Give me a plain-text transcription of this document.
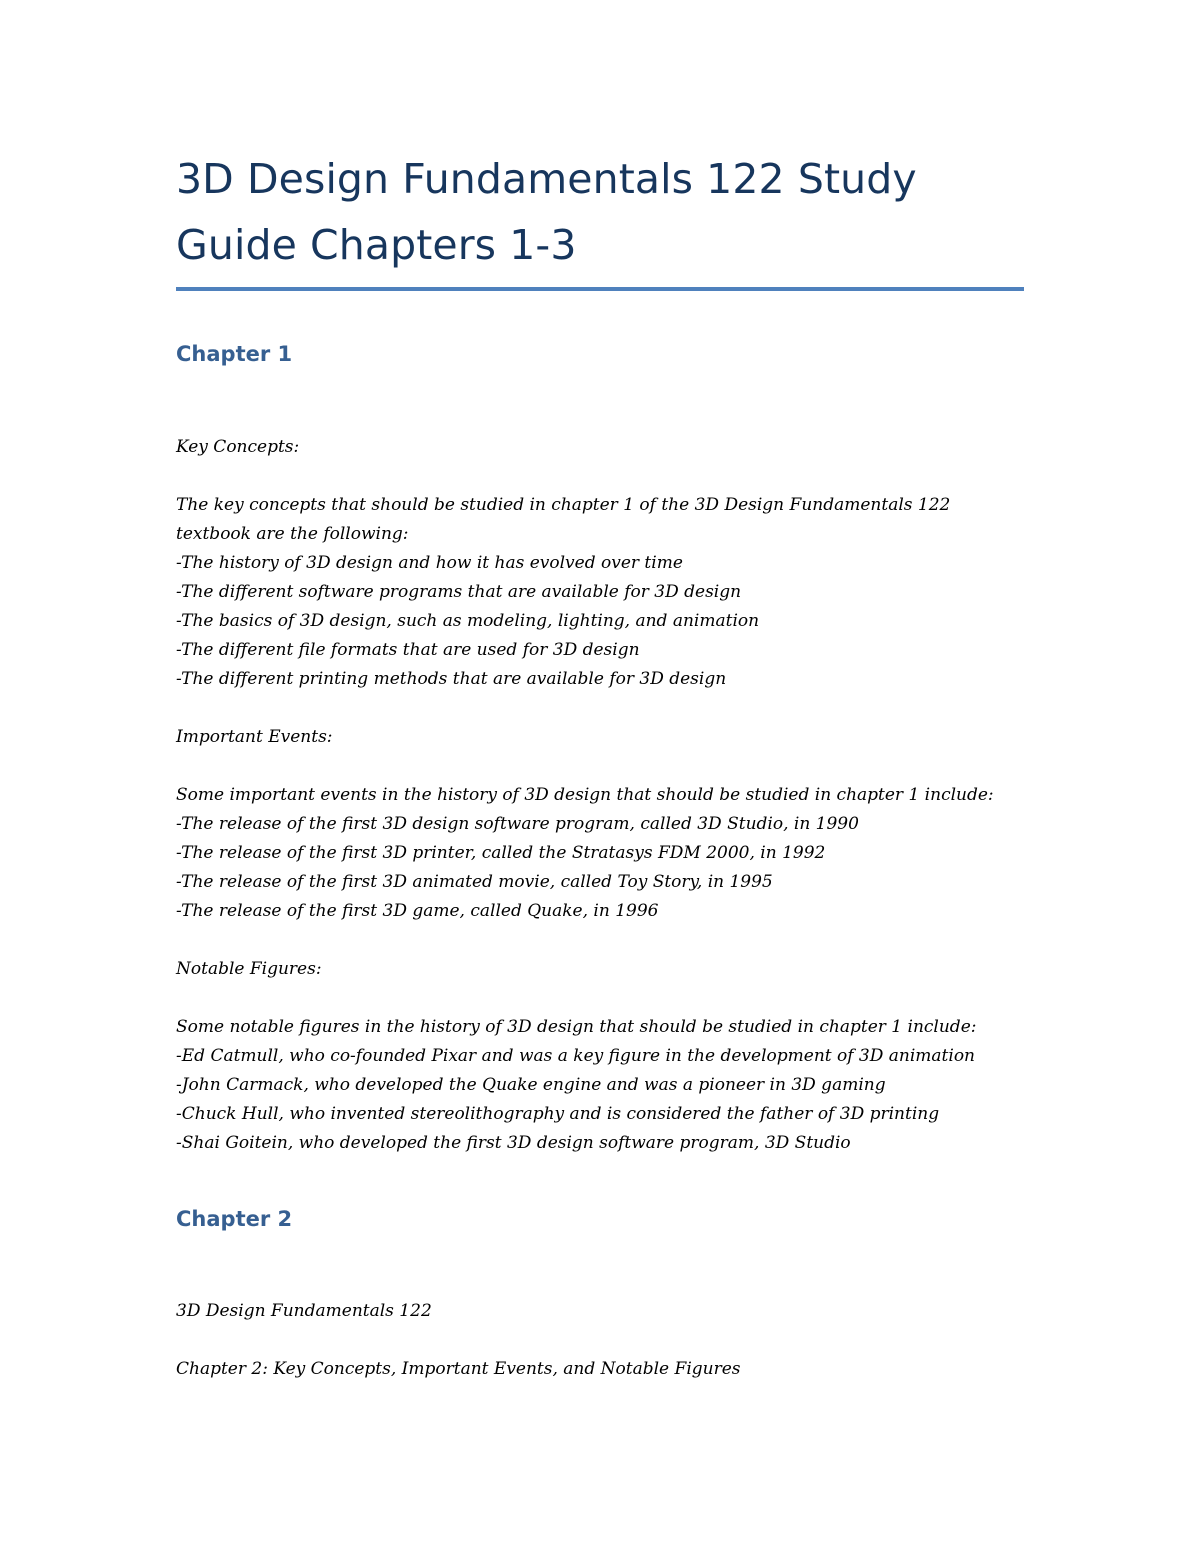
3D Design Fundamentals 122 Study
Guide Chapters 1-3
Chapter 1

Key Concepts:

The key concepts that should be studied in chapter 1 of the 3D Design Fundamentals 122

textbook are the following:

-The history of 3D design and how it has evolved over time

-The different software programs that are available for 3D design

-The basics of 3D design, such as modeling, lighting, and animation

-The different file formats that are used for 3D design

-The different printing methods that are available for 3D design

Important Events:

Some important events in the history of 3D design that should be studied in chapter 1 include:

-The release of the first 3D design software program, called 3D Studio, in 1990

-The release of the first 3D printer, called the Stratasys FDM 2000, in 1992

-The release of the first 3D animated movie, called Toy Story, in 1995

-The release of the first 3D game, called Quake, in 1996

Notable Figures:

Some notable figures in the history of 3D design that should be studied in chapter 1 include:

-Ed Catmull, who co-founded Pixar and was a key figure in the development of 3D animation

-John Carmack, who developed the Quake engine and was a pioneer in 3D gaming

-Chuck Hull, who invented stereolithography and is considered the father of 3D printing

-Shai Goitein, who developed the first 3D design software program, 3D Studio

Chapter 2

3D Design Fundamentals 122

Chapter 2: Key Concepts, Important Events, and Notable Figures
